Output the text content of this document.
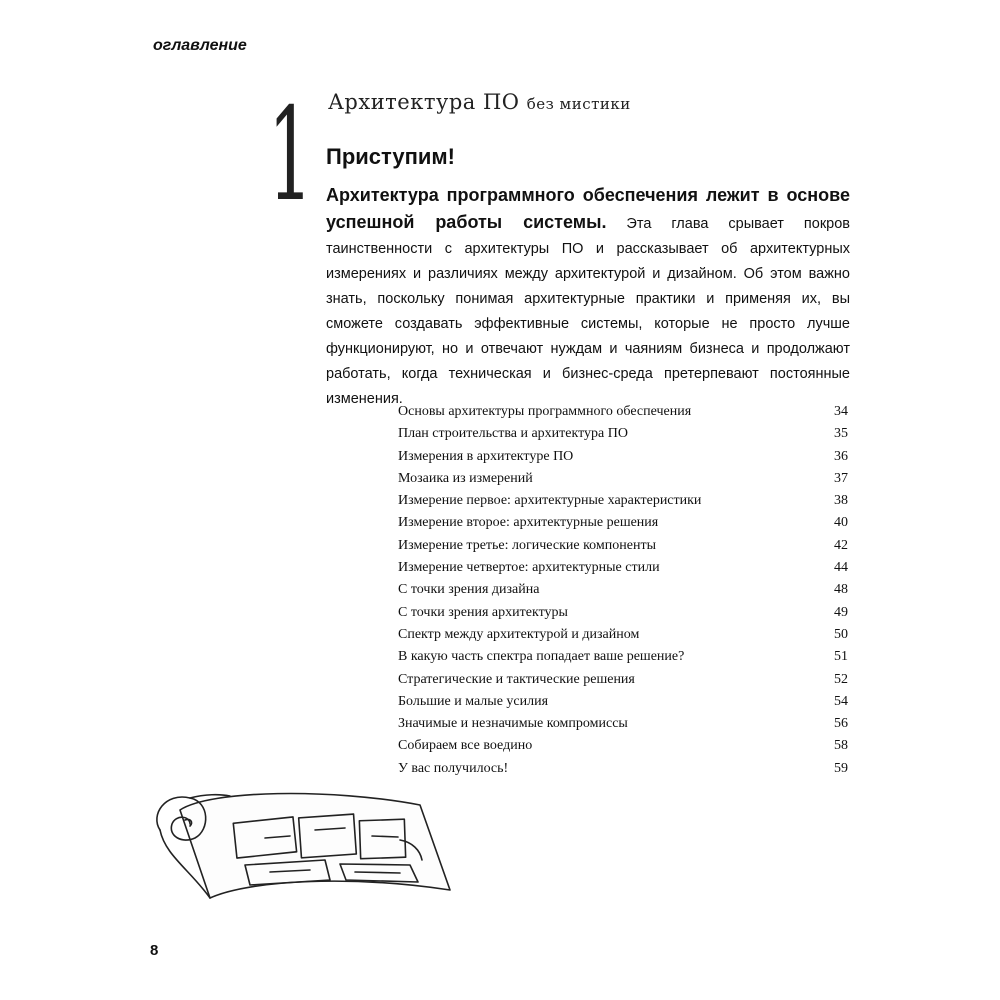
оглавление
1 Архитектура ПО без мистики
Приступим!
Архитектура программного обеспечения лежит в основе успешной работы системы. Эта глава срывает покров таинственности с архитектуры ПО и рассказывает об архитектурных измерениях и различиях между архитектурой и дизайном. Об этом важно знать, поскольку понимая архитектурные практики и применяя их, вы сможете создавать эффективные системы, которые не просто лучше функционируют, но и отвечают нуждам и чаяниям бизнеса и продолжают работать, когда техническая и бизнес-среда претерпевают постоянные изменения.
Основы архитектуры программного обеспечения	34
План строительства и архитектура ПО	35
Измерения в архитектуре ПО	36
Мозаика из измерений	37
Измерение первое: архитектурные характеристики	38
Измерение второе: архитектурные решения	40
Измерение третье: логические компоненты	42
Измерение четвертое: архитектурные стили	44
С точки зрения дизайна	48
С точки зрения архитектуры	49
Спектр между архитектурой и дизайном	50
В какую часть спектра попадает ваше решение?	51
Стратегические и тактические решения	52
Большие и малые усилия	54
Значимые и незначимые компромиссы	56
Собираем все воедино	58
У вас получилось!	59
8
